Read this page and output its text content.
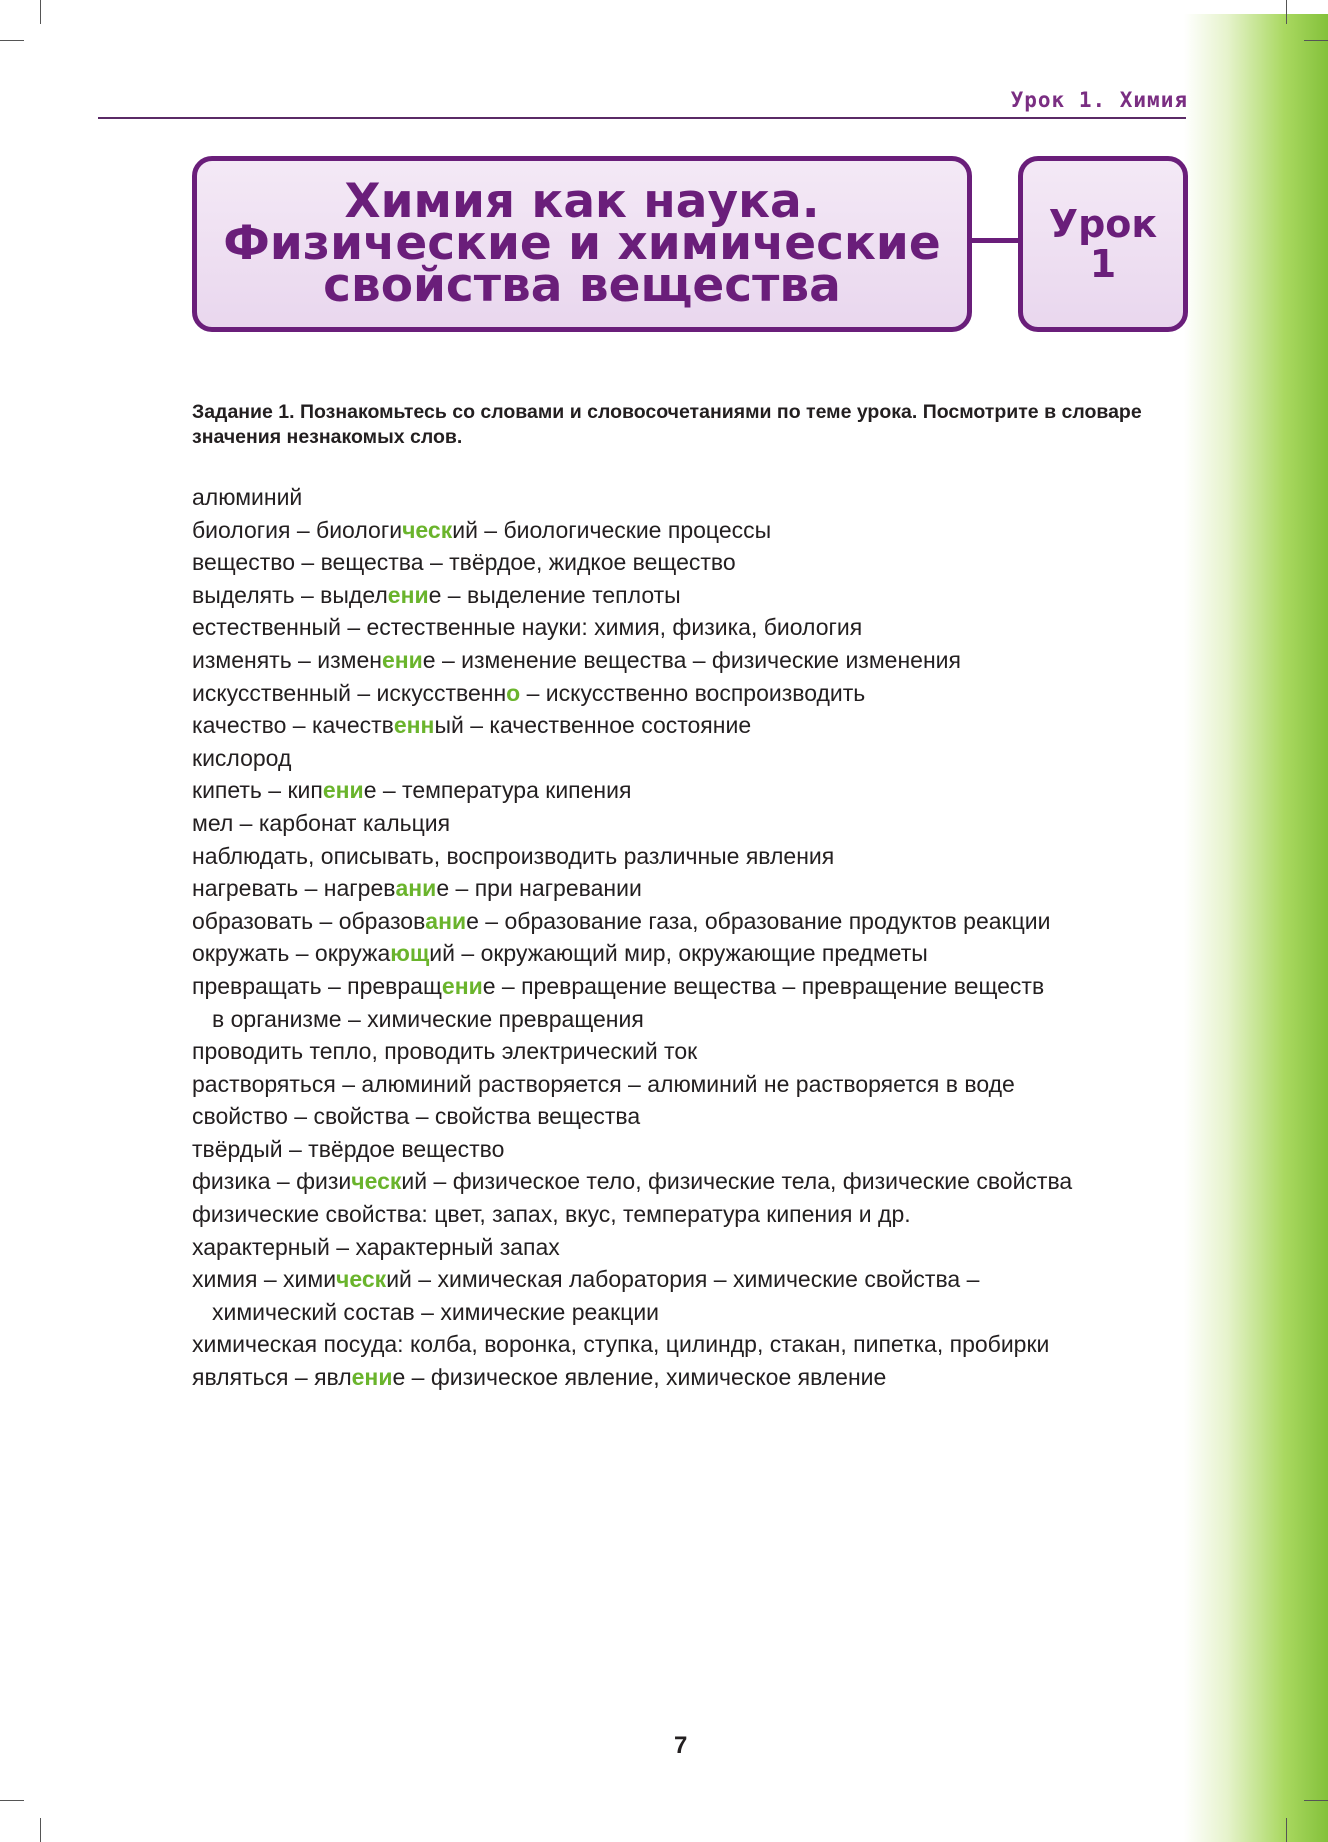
Урок 1. Химия
Химия как наука.
Физические и химические
свойства вещества
Урок
1
Задание 1. Познакомьтесь со словами и словосочетаниями по теме урока. Посмотрите в словаре значения незнакомых слов.
алюминий
биология – биологический – биологические процессы
вещество – вещества – твёрдое, жидкое вещество
выделять – выделение – выделение теплоты
естественный – естественные науки: химия, физика, биология
изменять – изменение – изменение вещества – физические изменения
искусственный – искусственно – искусственно воспроизводить
качество – качественный – качественное состояние
кислород
кипеть – кипение – температура кипения
мел – карбонат кальция
наблюдать, описывать, воспроизводить различные явления
нагревать – нагревание – при нагревании
образовать – образование – образование газа, образование продуктов реакции
окружать – окружающий – окружающий мир, окружающие предметы
превращать – превращение – превращение вещества – превращение веществ
в организме – химические превращения
проводить тепло, проводить электрический ток
растворяться – алюминий растворяется – алюминий не растворяется в воде
свойство – свойства – свойства вещества
твёрдый – твёрдое вещество
физика – физический – физическое тело, физические тела, физические свойства
физические свойства: цвет, запах, вкус, температура кипения и др.
характерный – характерный запах
химия – химический – химическая лаборатория – химические свойства –
химический состав – химические реакции
химическая посуда: колба, воронка, ступка, цилиндр, стакан, пипетка, пробирки
являться – явление – физическое явление, химическое явление
7
